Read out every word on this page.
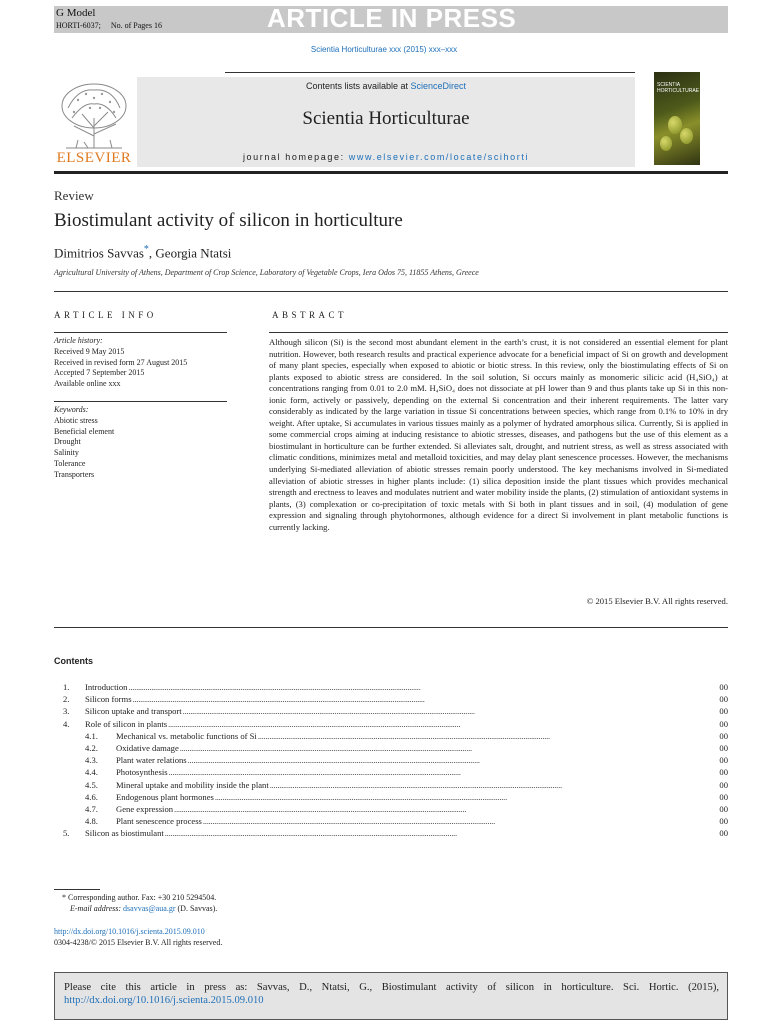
G Model
HORTI-6037; No. of Pages 16	ARTICLE IN PRESS
Scientia Horticulturae xxx (2015) xxx–xxx
ELSEVIER
Contents lists available at ScienceDirect
Scientia Horticulturae
journal homepage: www.elsevier.com/locate/scihorti
SCIENTIA
HORTICULTURAE
Review
Biostimulant activity of silicon in horticulture
Dimitrios Savvas*, Georgia Ntatsi
Agricultural University of Athens, Department of Crop Science, Laboratory of Vegetable Crops, Iera Odos 75, 11855 Athens, Greece
ARTICLE INFO
Article history:
Received 9 May 2015
Received in revised form 27 August 2015
Accepted 7 September 2015
Available online xxx
Keywords:
Abiotic stress
Beneficial element
Drought
Salinity
Tolerance
Transporters
ABSTRACT
Although silicon (Si) is the second most abundant element in the earth’s crust, it is not considered an essential element for plant nutrition. However, both research results and practical experience advocate for a beneficial impact of Si on growth and development of many plant species, especially when exposed to abiotic or biotic stress. In this review, only the biostimulating effects of Si on plants exposed to abiotic stress are considered. In the soil solution, Si occurs mainly as monomeric silicic acid (H₄SiO₄) at concentrations ranging from 0.01 to 2.0 mM. H₄SiO₄ does not dissociate at pH lower than 9 and thus plants take up Si in this non-ionic form, actively or passively, depending on the external Si concentration and their inherent requirements. The latter vary considerably as indicated by the large variation in tissue Si concentrations between species, which range from 0.1% to 10% in dry weight. After uptake, Si accumulates in various tissues mainly as a polymer of hydrated amorphous silica. Currently, Si is applied in some commercial crops aiming at inducing resistance to abiotic stresses, diseases, and pathogens but the use of this element as a biostimulant in horticulture can be further extended. Si alleviates salt, drought, and nutrient stress, as well as stress associated with climatic conditions, minimizes metal and metalloid toxicities, and may delay plant senescence processes. However, the mechanisms underlying Si-mediated alleviation of abiotic stresses remain poorly understood. The key mechanisms involved in Si-mediated alleviation of abiotic stresses in higher plants include: (1) silica deposition inside the plant tissues which provides mechanical strength and erectness to leaves and modulates nutrient and water mobility inside the plants, (2) stimulation of antioxidant systems in plants, (3) complexation or co-precipitation of toxic metals with Si both in plant tissues and in soil, (4) modulation of gene expression and signaling through phytohormones, although evidence for a direct Si involvement in plant metabolic functions is currently lacking.
© 2015 Elsevier B.V. All rights reserved.
Contents
1.	Introduction . . .	00
2.	Silicon forms . . .	00
3.	Silicon uptake and transport . . .	00
4.	Role of silicon in plants . . .	00
4.1.	Mechanical vs. metabolic functions of Si . . .	00
4.2.	Oxidative damage . . .	00
4.3.	Plant water relations . . .	00
4.4.	Photosynthesis . . .	00
4.5.	Mineral uptake and mobility inside the plant . . .	00
4.6.	Endogenous plant hormones . . .	00
4.7.	Gene expression . . .	00
4.8.	Plant senescence process . . .	00
5.	Silicon as biostimulant . . .	00
* Corresponding author. Fax: +30 210 5294504.
E-mail address: dsavvas@aua.gr (D. Savvas).
http://dx.doi.org/10.1016/j.scienta.2015.09.010
0304-4238/© 2015 Elsevier B.V. All rights reserved.
Please cite this article in press as: Savvas, D., Ntatsi, G., Biostimulant activity of silicon in horticulture. Sci. Hortic. (2015), http://dx.doi.org/10.1016/j.scienta.2015.09.010
